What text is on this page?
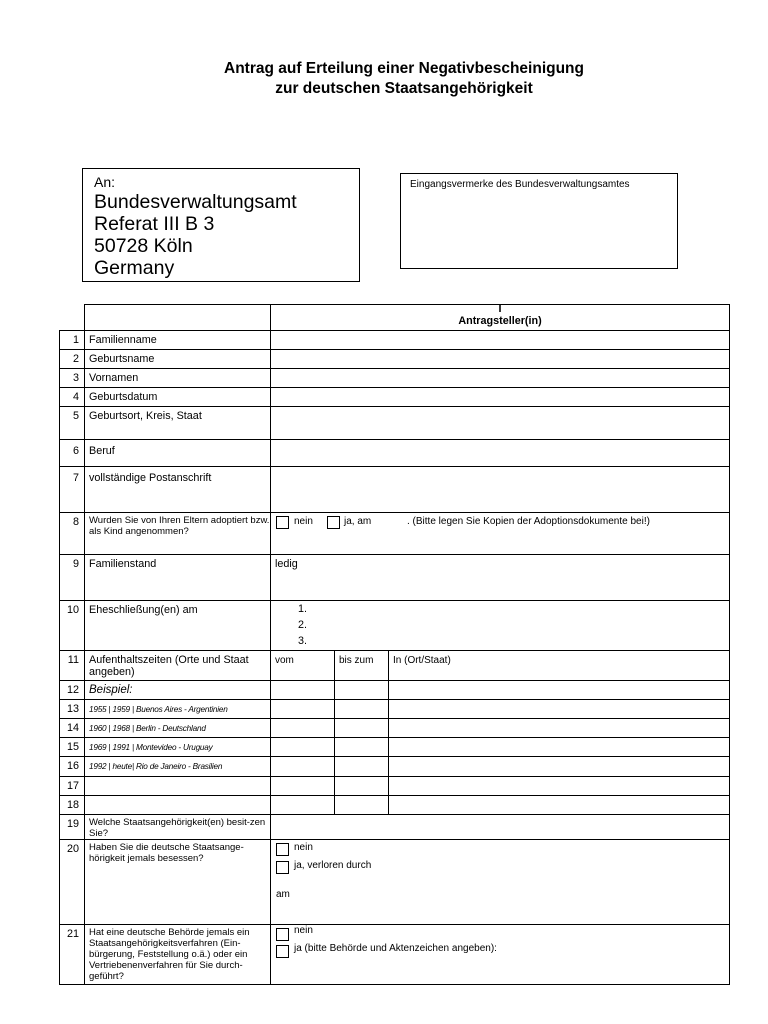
Antrag auf Erteilung einer Negativbescheinigung
zur deutschen Staatsangehörigkeit
An:
Bundesverwaltungsamt
Referat III B 3
50728 Köln
Germany
Eingangsvermerke des Bundesverwaltungsamtes

		I
Antragsteller(in)		

1	Familienname			
2	Geburtsname			
3	Vornamen			
4	Geburtsdatum			
5	Geburtsort, Kreis, Staat			
6	Beruf			
7	vollständige Postanschrift			
8	Wurden Sie von Ihren Eltern adoptiert bzw. als Kind angenommen?	nein ja, am . (Bitte legen Sie Kopien der Adoptionsdokumente bei!)		

9	Familienstand	ledig		
10	Eheschließung(en) am	1.
2.
3.		

11	Aufenthaltszeiten (Orte und Staat angeben)	vom	bis zum	In (Ort/Staat)
12	Beispiel:			
13	1955 | 1959 | Buenos Aires - Argentinien			
14	1960 | 1968 | Berlin - Deutschland			
15	1969 | 1991 | Montevideo - Uruguay			
16	1992 | heute| Rio de Janeiro - Brasilien			
17				
18				
19	Welche Staatsangehörigkeit(en) besit-zen Sie?			
20	Haben Sie die deutsche Staatsange-hörigkeit jemals besessen?	nein
ja, verloren durch
am		

21	Hat eine deutsche Behörde jemals ein Staatsangehörigkeitsverfahren (Ein-bürgerung, Feststellung o.ä.) oder ein Vertriebenenverfahren für Sie durch-geführt?	nein
ja (bitte Behörde und Aktenzeichen angeben):		
